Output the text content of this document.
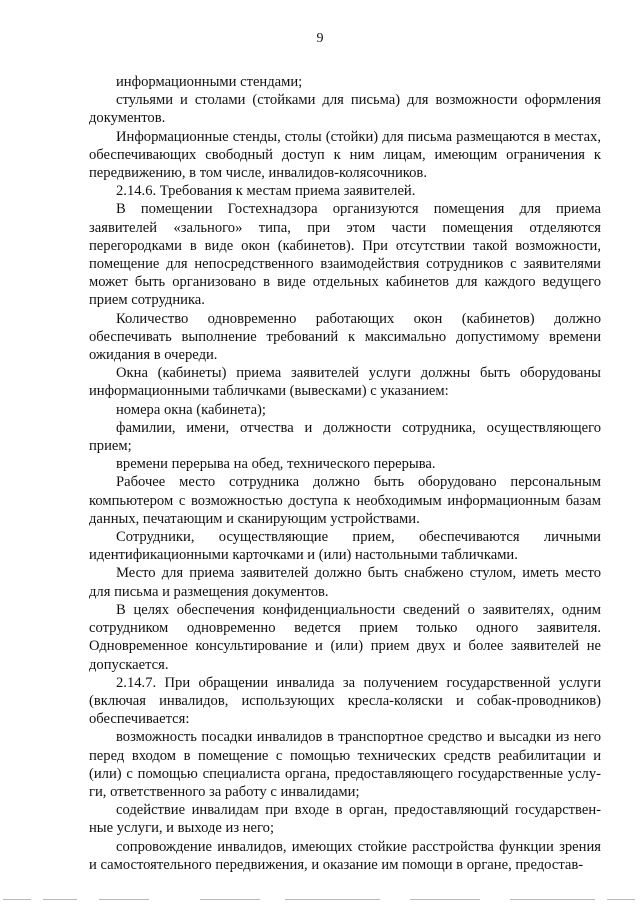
9

информационными стендами;

стульями и столами (стойками для письма) для возможности оформления документов.

Информационные стенды, столы (стойки) для письма размещаются в местах, обеспечивающих свободный доступ к ним лицам, имеющим ограничения к передвижению, в том числе, инвалидов-колясочников.

2.14.6. Требования к местам приема заявителей.

В помещении Гостехнадзора организуются помещения для приема заявителей «зального» типа, при этом части помещения отделяются перегородками в виде окон (кабинетов). При отсутствии такой возможности, помещение для непосредственного взаимодействия сотрудников с заявителями может быть организовано в виде отдельных кабинетов для каждого ведущего прием сотрудника.

Количество одновременно работающих окон (кабинетов) должно обеспечивать выполнение требований к максимально допустимому времени ожидания в очереди.

Окна (кабинеты) приема заявителей услуги должны быть оборудованы информационными табличками (вывесками) с указанием:

номера окна (кабинета);

фамилии, имени, отчества и должности сотрудника, осуществляющего прием;

времени перерыва на обед, технического перерыва.

Рабочее место сотрудника должно быть оборудовано персональным компьютером с возможностью доступа к необходимым информационным базам данных, печатающим и сканирующим устройствами.

Сотрудники, осуществляющие прием, обеспечиваются личными идентификационными карточками и (или) настольными табличками.

Место для приема заявителей должно быть снабжено стулом, иметь место для письма и размещения документов.

В целях обеспечения конфиденциальности сведений о заявителях, одним сотрудником одновременно ведется прием только одного заявителя. Одновременное консультирование и (или) прием двух и более заявителей не допускается.

2.14.7. При обращении инвалида за получением государственной услуги (включая инвалидов, использующих кресла-коляски и собак-проводников) обеспечивается:

возможность посадки инвалидов в транспортное средство и высадки из него перед входом в помещение с помощью технических средств реабилитации и (или) с помощью специалиста органа, предоставляющего государственные услу-ги, ответственного за работу с инвалидами;

содействие инвалидам при входе в орган, предоставляющий государствен-ные услуги, и выходе из него;

сопровождение инвалидов, имеющих стойкие расстройства функции зрения и самостоятельного передвижения, и оказание им помощи в органе, предостав-
